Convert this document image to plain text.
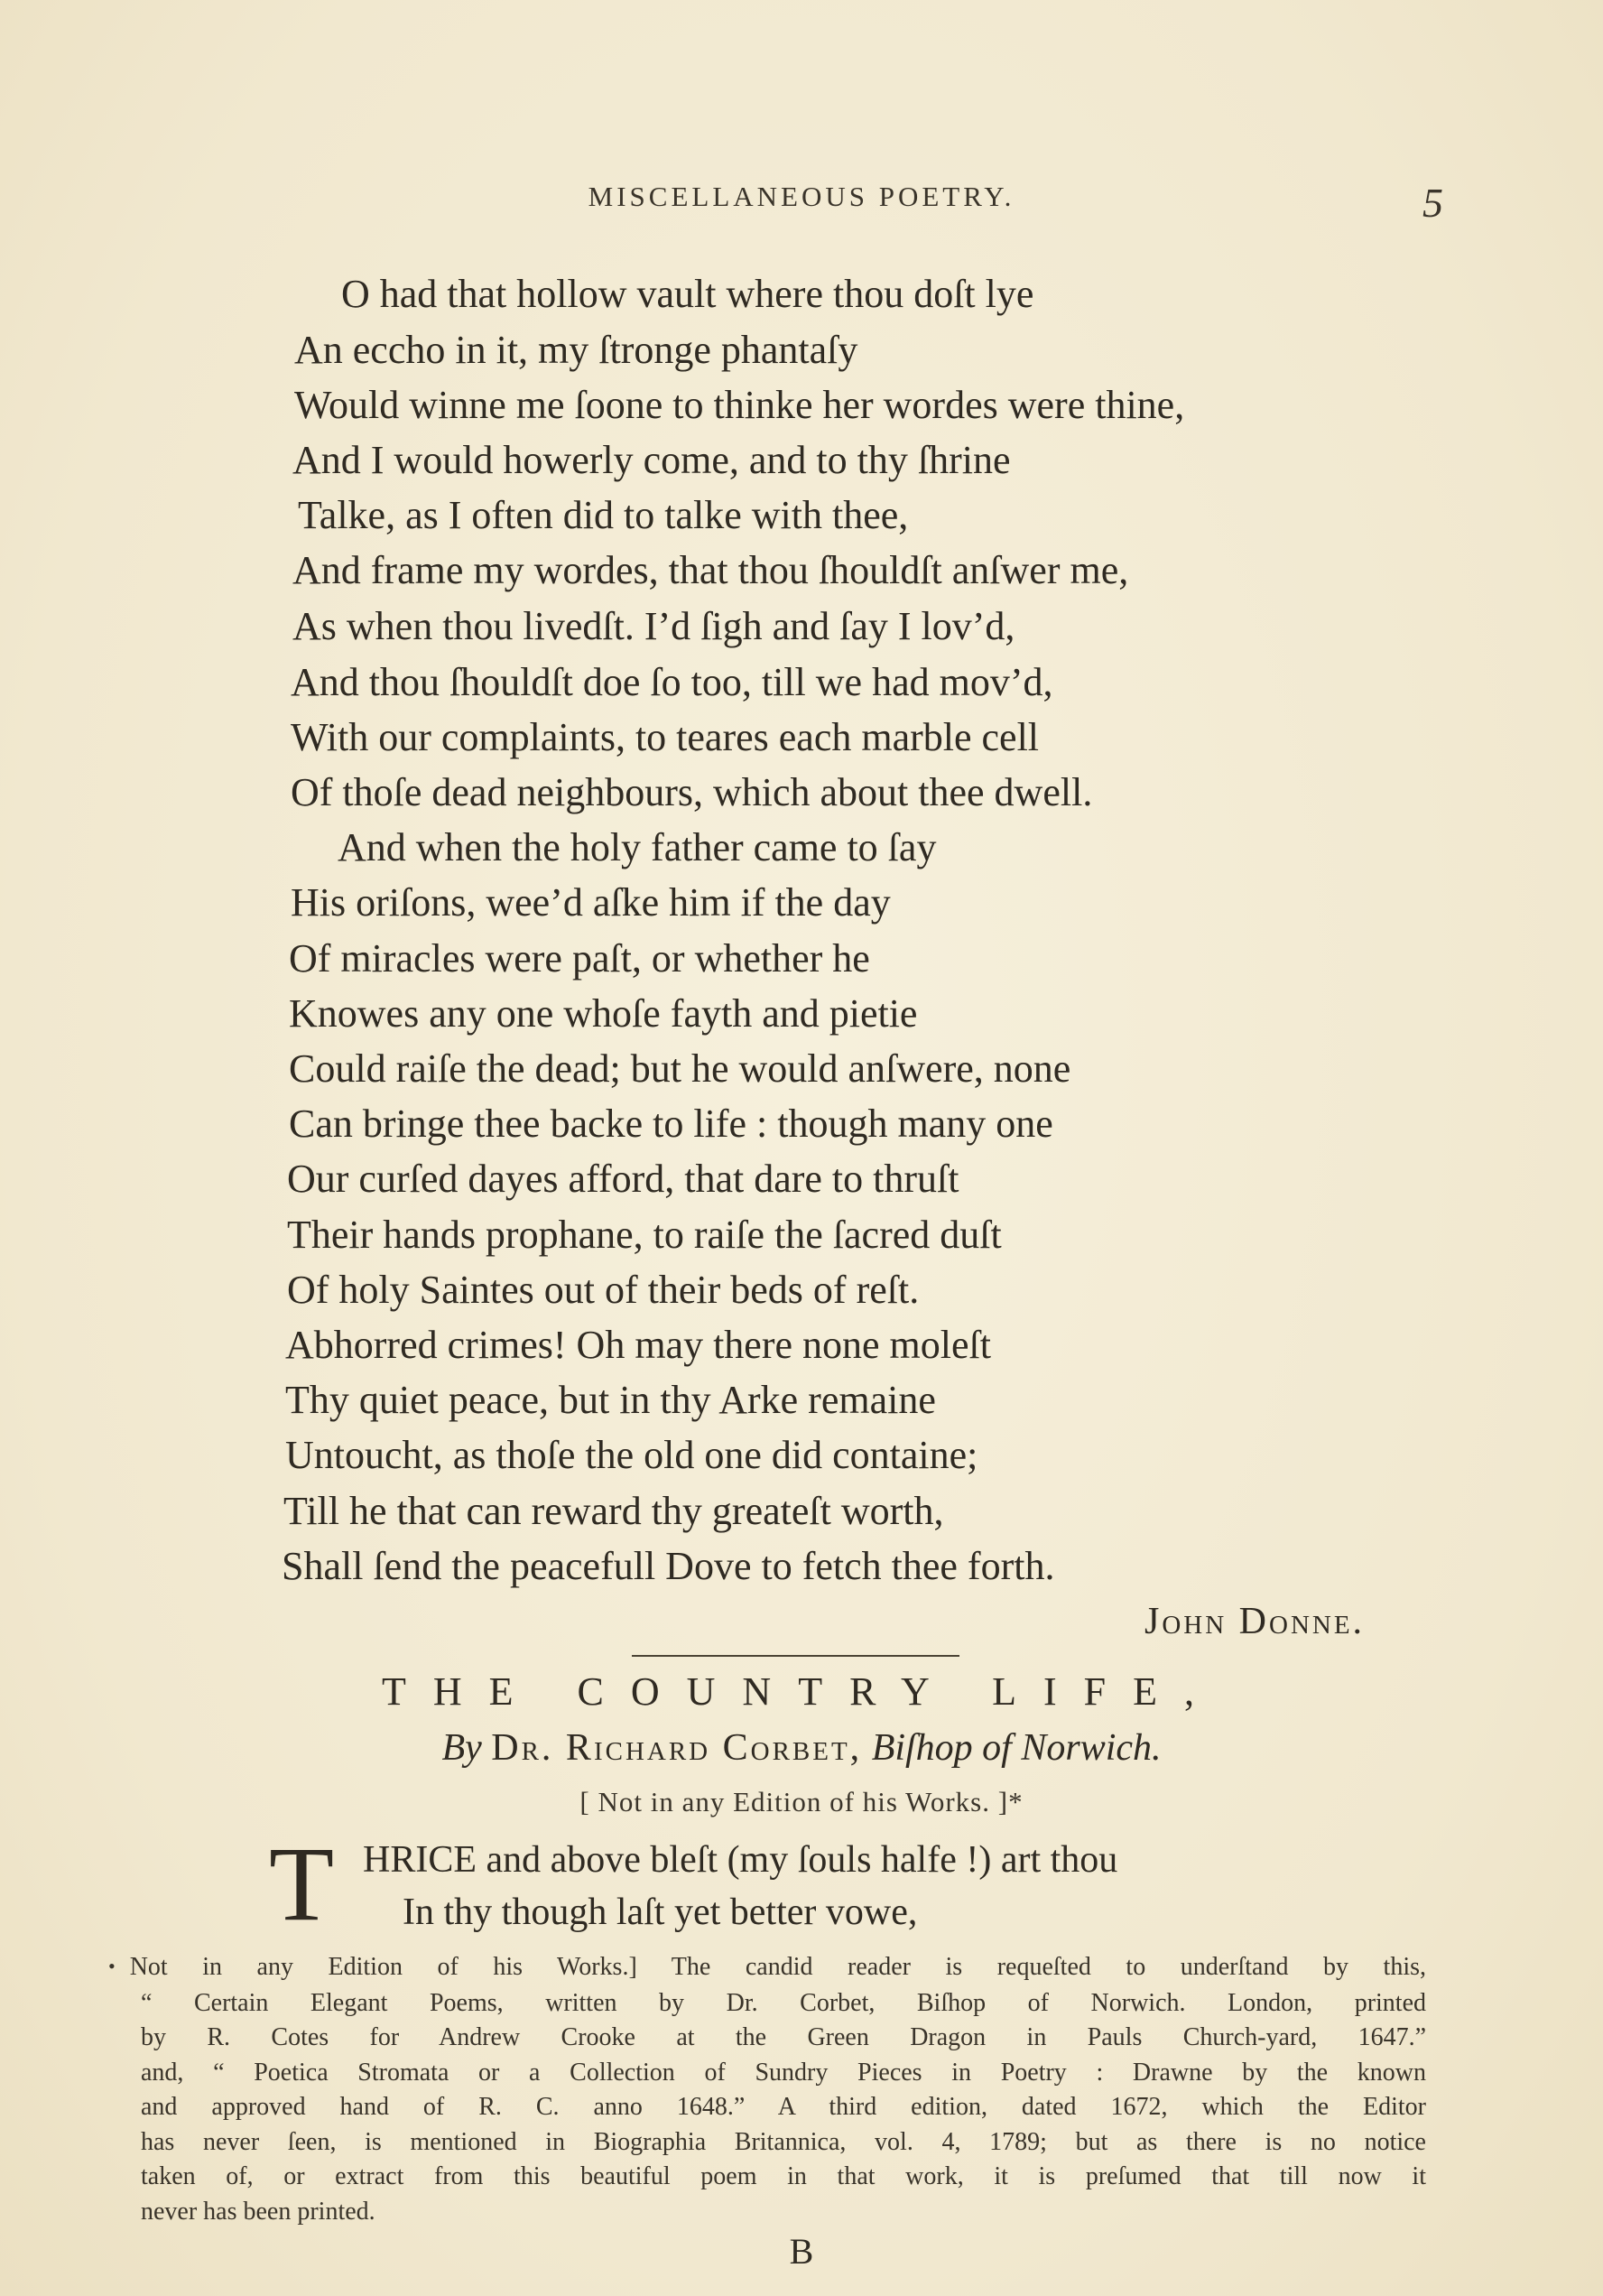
MISCELLANEOUS POETRY.	5
O had that hollow vault where thou doſt lye
An eccho in it, my ſtronge phantaſy
Would winne me ſoone to thinke her wordes were thine,
And I would howerly come, and to thy ſhrine
Talke, as I often did to talke with thee,
And frame my wordes, that thou ſhouldſt anſwer me,
As when thou livedſt. I’d ſigh and ſay I lov’d,
And thou ſhouldſt doe ſo too, till we had mov’d,
With our complaints, to teares each marble cell
Of thoſe dead neighbours, which about thee dwell.
And when the holy father came to ſay
His oriſons, wee’d aſke him if the day
Of miracles were paſt, or whether he
Knowes any one whoſe fayth and pietie
Could raiſe the dead; but he would anſwere, none
Can bringe thee backe to life : though many one
Our curſed dayes afford, that dare to thruſt
Their hands prophane, to raiſe the ſacred duſt
Of holy Saintes out of their beds of reſt.
Abhorred crimes! Oh may there none moleſt
Thy quiet peace, but in thy Arke remaine
Untoucht, as thoſe the old one did containe;
Till he that can reward thy greateſt worth,
Shall ſend the peacefull Dove to fetch thee forth.
John Donne.
THE COUNTRY LIFE,
By Dr. Richard Corbet, Biſhop of Norwich.
[ Not in any Edition of his Works. ]*
T HRICE and above bleſt (my ſouls halfe !) art thou
In thy though laſt yet better vowe,
• Not in any Edition of his Works.] The candid reader is requeſted to underſtand by this,
“ Certain Elegant Poems, written by Dr. Corbet, Biſhop of Norwich. London, printed
by R. Cotes for Andrew Crooke at the Green Dragon in Pauls Church-yard, 1647.”
and, “ Poetica Stromata or a Collection of Sundry Pieces in Poetry : Drawne by the known
and approved hand of R. C. anno 1648.” A third edition, dated 1672, which the Editor
has never ſeen, is mentioned in Biographia Britannica, vol. 4, 1789; but as there is no notice
taken of, or extract from this beautiful poem in that work, it is preſumed that till now it
never has been printed.
B
